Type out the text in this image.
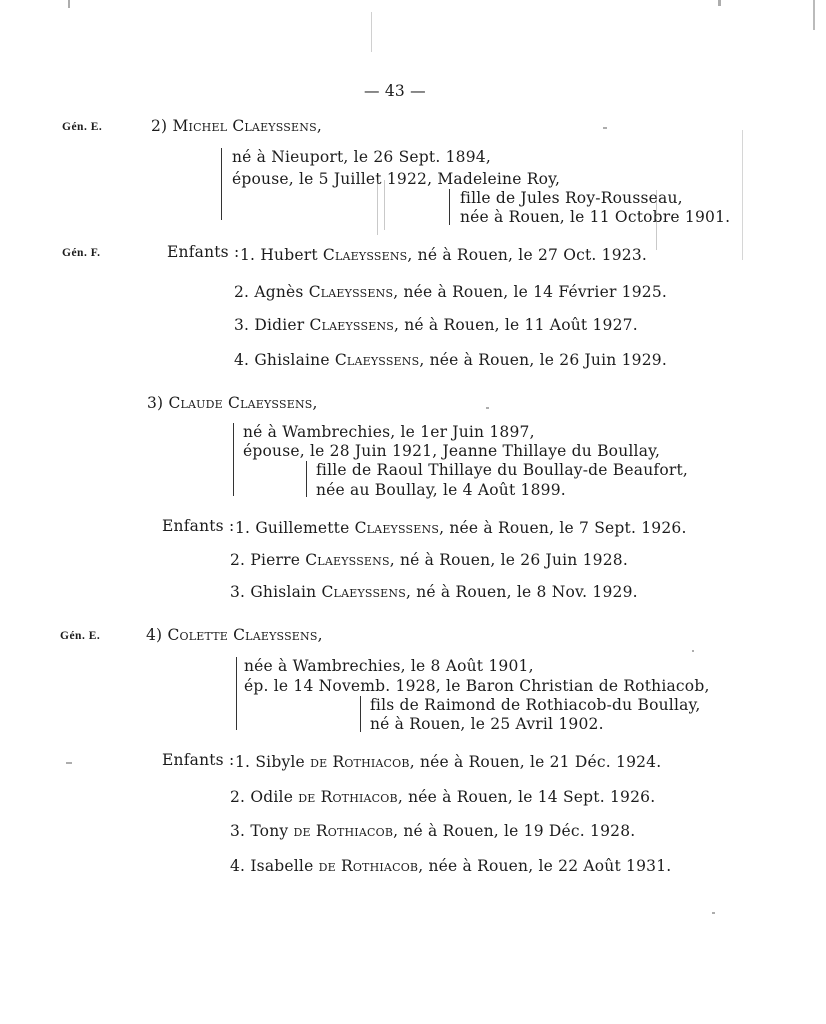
— 43 —
Gén. E.	2) Michel Claeyssens,
né à Nieuport, le 26 Sept. 1894,
épouse, le 5 Juillet 1922, Madeleine Roy,
fille de Jules Roy-Rousseau,
née à Rouen, le 11 Octobre 1901.
Gén. F.	Enfants : 1. Hubert Claeyssens, né à Rouen, le 27 Oct. 1923.
2. Agnès Claeyssens, née à Rouen, le 14 Février 1925.
3. Didier Claeyssens, né à Rouen, le 11 Août 1927.
4. Ghislaine Claeyssens, née à Rouen, le 26 Juin 1929.
3) Claude Claeyssens,
né à Wambrechies, le 1er Juin 1897,
épouse, le 28 Juin 1921, Jeanne Thillaye du Boullay,
fille de Raoul Thillaye du Boullay-de Beaufort,
née au Boullay, le 4 Août 1899.
Enfants : 1. Guillemette Claeyssens, née à Rouen, le 7 Sept. 1926.
2. Pierre Claeyssens, né à Rouen, le 26 Juin 1928.
3. Ghislain Claeyssens, né à Rouen, le 8 Nov. 1929.
Gén. E.	4) Colette Claeyssens,
née à Wambrechies, le 8 Août 1901,
ép. le 14 Novemb. 1928, le Baron Christian de Rothiacob,
fils de Raimond de Rothiacob-du Boullay,
né à Rouen, le 25 Avril 1902.
Enfants : 1. Sibyle de Rothiacob, née à Rouen, le 21 Déc. 1924.
2. Odile de Rothiacob, née à Rouen, le 14 Sept. 1926.
3. Tony de Rothiacob, né à Rouen, le 19 Déc. 1928.
4. Isabelle de Rothiacob, née à Rouen, le 22 Août 1931.
